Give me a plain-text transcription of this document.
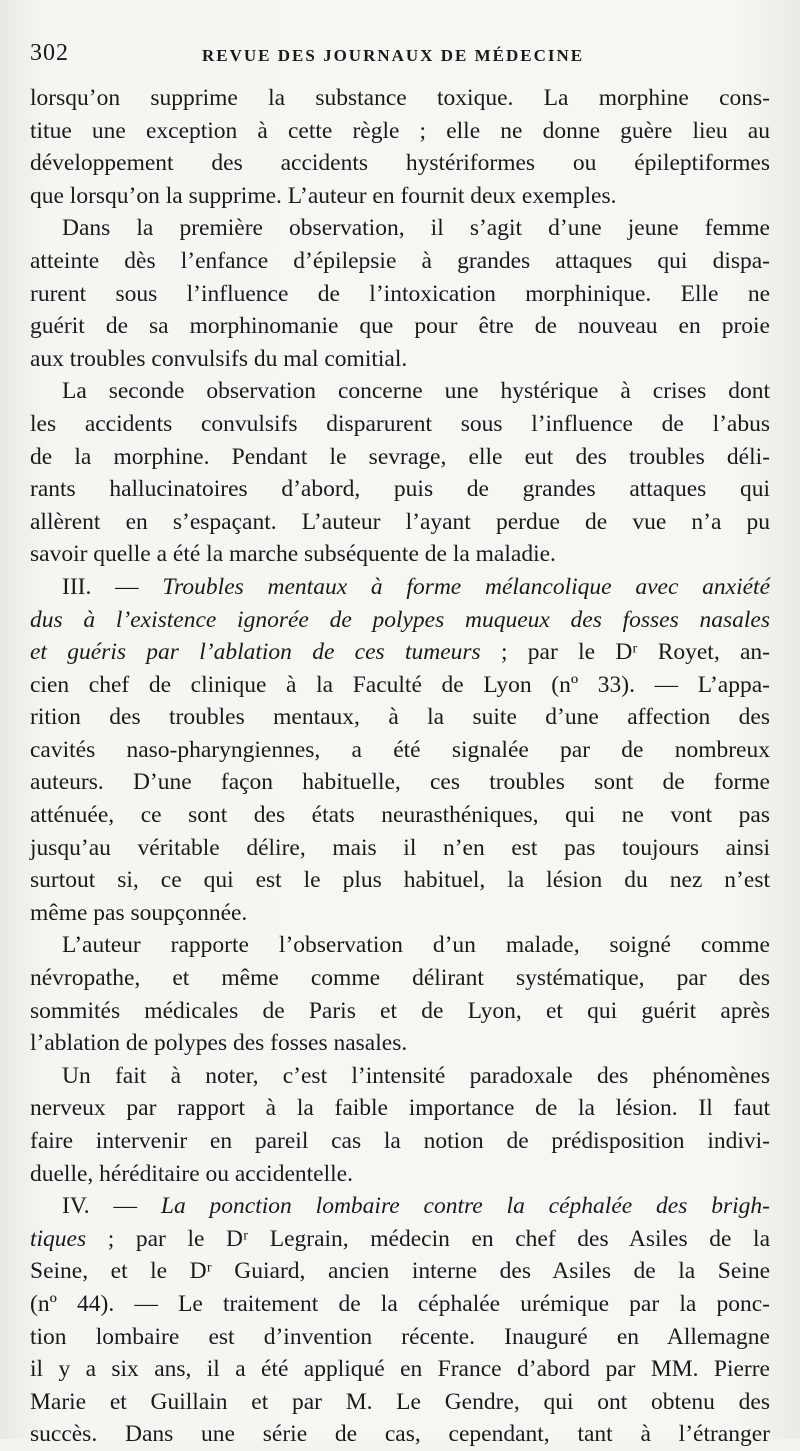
302	REVUE DES JOURNAUX DE MÉDECINE
lorsqu’on supprime la substance toxique. La morphine cons-
titue une exception à cette règle ; elle ne donne guère lieu au
développement des accidents hystériformes ou épileptiformes
que lorsqu’on la supprime. L’auteur en fournit deux exemples.
Dans la première observation, il s’agit d’une jeune femme
atteinte dès l’enfance d’épilepsie à grandes attaques qui dispa-
rurent sous l’influence de l’intoxication morphinique. Elle ne
guérit de sa morphinomanie que pour être de nouveau en proie
aux troubles convulsifs du mal comitial.
La seconde observation concerne une hystérique à crises dont
les accidents convulsifs disparurent sous l’influence de l’abus
de la morphine. Pendant le sevrage, elle eut des troubles déli-
rants hallucinatoires d’abord, puis de grandes attaques qui
allèrent en s’espaçant. L’auteur l’ayant perdue de vue n’a pu
savoir quelle a été la marche subséquente de la maladie.
III. — Troubles mentaux à forme mélancolique avec anxiété
dus à l’existence ignorée de polypes muqueux des fosses nasales
et guéris par l’ablation de ces tumeurs ; par le Dʳ Royet, an-
cien chef de clinique à la Faculté de Lyon (nº 33). — L’appa-
rition des troubles mentaux, à la suite d’une affection des
cavités naso-pharyngiennes, a été signalée par de nombreux
auteurs. D’une façon habituelle, ces troubles sont de forme
atténuée, ce sont des états neurasthéniques, qui ne vont pas
jusqu’au véritable délire, mais il n’en est pas toujours ainsi
surtout si, ce qui est le plus habituel, la lésion du nez n’est
même pas soupçonnée.
L’auteur rapporte l’observation d’un malade, soigné comme
névropathe, et même comme délirant systématique, par des
sommités médicales de Paris et de Lyon, et qui guérit après
l’ablation de polypes des fosses nasales.
Un fait à noter, c’est l’intensité paradoxale des phénomènes
nerveux par rapport à la faible importance de la lésion. Il faut
faire intervenir en pareil cas la notion de prédisposition indivi-
duelle, héréditaire ou accidentelle.
IV. — La ponction lombaire contre la céphalée des brigh-
tiques ; par le Dʳ Legrain, médecin en chef des Asiles de la
Seine, et le Dʳ Guiard, ancien interne des Asiles de la Seine
(nº 44). — Le traitement de la céphalée urémique par la ponc-
tion lombaire est d’invention récente. Inauguré en Allemagne
il y a six ans, il a été appliqué en France d’abord par MM. Pierre
Marie et Guillain et par M. Le Gendre, qui ont obtenu des
succès. Dans une série de cas, cependant, tant à l’étranger
